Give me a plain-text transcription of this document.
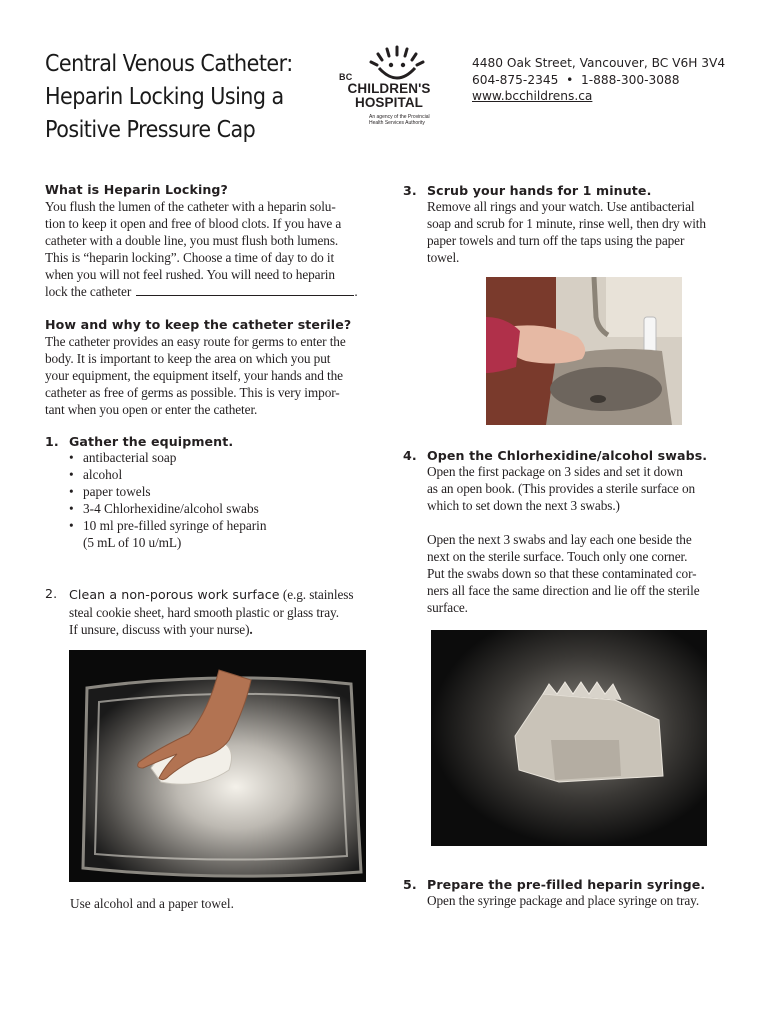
Central Venous Catheter:
Heparin Locking Using a
Positive Pressure Cap
BC
CHILDREN'S
HOSPITAL
An agency of the Provincial
Health Services Authority
4480 Oak Street, Vancouver, BC V6H 3V4
604-875-2345  •  1-888-300-3088
www.bcchildrens.ca
What is Heparin Locking?
You flush the lumen of the catheter with a heparin solu-
tion to keep it open and free of blood clots. If you have a
catheter with a double line, you must flush both lumens.
This is “heparin locking”. Choose a time of day to do it
when you will not feel rushed. You will need to heparin
lock the catheter	.
How and why to keep the catheter sterile?
The catheter provides an easy route for germs to enter the
body. It is important to keep the area on which you put
your equipment, the equipment itself, your hands and the
catheter as free of germs as possible. This is very impor-
tant when you open or enter the catheter.
1. Gather the equipment.
• antibacterial soap
• alcohol
• paper towels
• 3-4 Chlorhexidine/alcohol swabs
• 10 ml pre-filled syringe of heparin
(5 mL of 10 u/mL)
2. Clean a non-porous work surface (e.g. stainless
steal cookie sheet, hard smooth plastic or glass tray.
If unsure, discuss with your nurse).
Use alcohol and a paper towel.
3. Scrub your hands for 1 minute.
Remove all rings and your watch. Use antibacterial
soap and scrub for 1 minute, rinse well, then dry with
paper towels and turn off the taps using the paper
towel.
4. Open the Chlorhexidine/alcohol swabs.
Open the first package on 3 sides and set it down
as an open book. (This provides a sterile surface on
which to set down the next 3 swabs.)
Open the next 3 swabs and lay each one beside the
next on the sterile surface. Touch only one corner.
Put the swabs down so that these contaminated cor-
ners all face the same direction and lie off the sterile
surface.
5. Prepare the pre-filled heparin syringe.
Open the syringe package and place syringe on tray.
